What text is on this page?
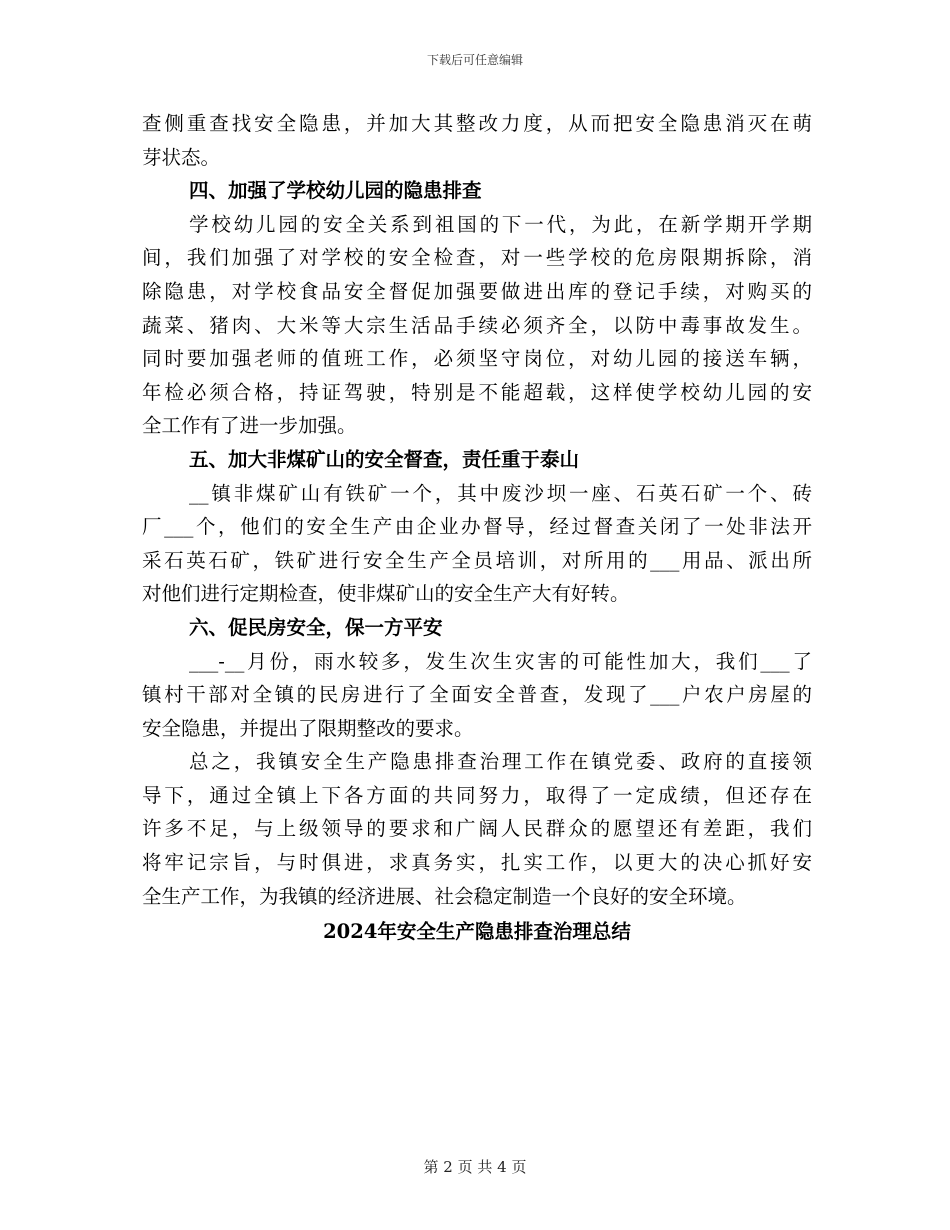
下载后可任意编辑
查侧重查找安全隐患，并加大其整改力度，从而把安全隐患消灭在萌
芽状态。
四、加强了学校幼儿园的隐患排查
学校幼儿园的安全关系到祖国的下一代，为此，在新学期开学期
间，我们加强了对学校的安全检查，对一些学校的危房限期拆除，消
除隐患，对学校食品安全督促加强要做进出库的登记手续，对购买的
蔬菜、猪肉、大米等大宗生活品手续必须齐全，以防中毒事故发生。
同时要加强老师的值班工作，必须坚守岗位，对幼儿园的接送车辆，
年检必须合格，持证驾驶，特别是不能超载，这样使学校幼儿园的安
全工作有了进一步加强。
五、加大非煤矿山的安全督查，责任重于泰山
__镇非煤矿山有铁矿一个，其中废沙坝一座、石英石矿一个、砖
厂___个，他们的安全生产由企业办督导，经过督查关闭了一处非法开
采石英石矿，铁矿进行安全生产全员培训，对所用的___用品、派出所
对他们进行定期检查，使非煤矿山的安全生产大有好转。
六、促民房安全，保一方平安
___-__月份，雨水较多，发生次生灾害的可能性加大，我们___了
镇村干部对全镇的民房进行了全面安全普查，发现了___户农户房屋的
安全隐患，并提出了限期整改的要求。
总之，我镇安全生产隐患排查治理工作在镇党委、政府的直接领
导下，通过全镇上下各方面的共同努力，取得了一定成绩，但还存在
许多不足，与上级领导的要求和广阔人民群众的愿望还有差距，我们
将牢记宗旨，与时俱进，求真务实，扎实工作，以更大的决心抓好安
全生产工作，为我镇的经济进展、社会稳定制造一个良好的安全环境。
2024年安全生产隐患排查治理总结
第 2 页 共 4 页
